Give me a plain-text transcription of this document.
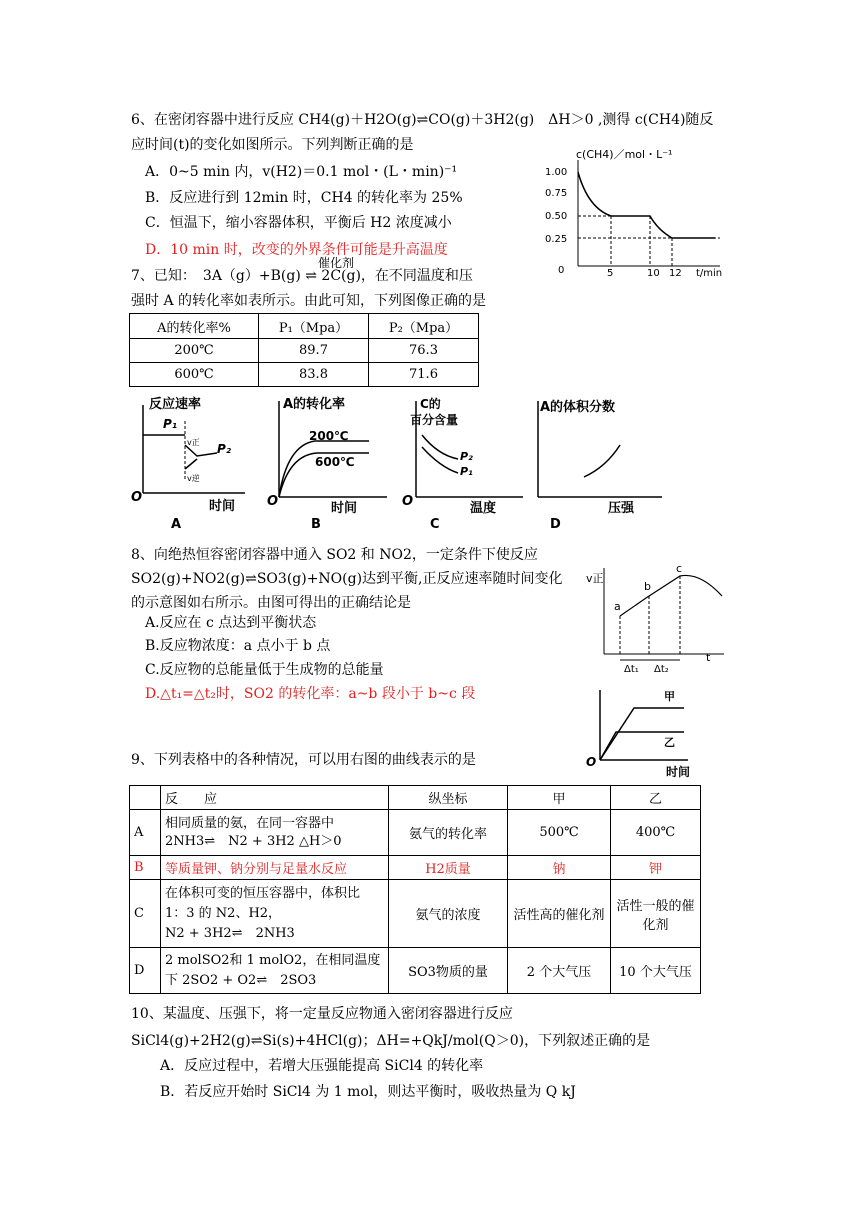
6、在密闭容器中进行反应 CH4(g)＋H2O(g)⇌CO(g)＋3H2(g)　ΔH＞0 ,测得 c(CH4)随反
应时间(t)的变化如图所示。下列判断正确的是
A．0~5 min 内，v(H2)＝0.1 mol・(L・min)⁻¹
B．反应进行到 12min 时，CH4 的转化率为 25%
C．恒温下，缩小容器体积，平衡后 H2 浓度减小
D．10 min 时，改变的外界条件可能是升高温度
c(CH4)／mol・L⁻¹
1.00
0.75
0.50
0.25
0	5	10 12 t/min
7、已知：　3A（g）+B(g) ⇌ 2C(g)，在不同温度和压
催化剂
强时 A 的转化率如表所示。由此可知，下列图像正确的是
A的转化率%	P₁（Mpa）	P₂（Mpa）
200℃	89.7	76.3
600℃	83.8	71.6
反应速率
O
时间
P₁
P₂
v正
v逆
A
A的转化率
O	时间
200℃
600℃
B
C的
百分含量
O	温度
P₂
P₁
C
A的体积分数
压强
D
8、向绝热恒容密闭容器中通入 SO2 和 NO2，一定条件下使反应
SO2(g)+NO2(g)⇌SO3(g)+NO(g)达到平衡,正反应速率随时间变化
的示意图如右所示。由图可得出的正确结论是
A.反应在 c 点达到平衡状态
B.反应物浓度：a 点小于 b 点
C.反应物的总能量低于生成物的总能量
D.△t₁=△t₂时，SO2 的转化率：a~b 段小于 b~c 段
v正
a
b
c
t
Δt₁ Δt₂
O
甲
乙
时间
9、下列表格中的各种情况，可以用右图的曲线表示的是
	反　　应	纵坐标	甲	乙
A	相同质量的氨，在同一容器中
2NH3⇌　N2 + 3H2 △H＞0	氨气的转化率	500℃	400℃
B	等质量钾、钠分别与足量水反应	H2质量	钠	钾
C	在体积可变的恒压容器中，体积比
1：3 的 N2、H2，
N2 + 3H2⇌　2NH3	氨气的浓度	活性高的催化剂	活性一般的催化剂
D	2 molSO2和 1 molO2，在相同温度
下 2SO2 + O2⇌　2SO3	SO3物质的量	2 个大气压	10 个大气压
10、某温度、压强下，将一定量反应物通入密闭容器进行反应
SiCl4(g)+2H2(g)⇌Si(s)+4HCl(g)；ΔH=+QkJ/mol(Q＞0)，下列叙述正确的是
A．反应过程中，若增大压强能提高 SiCl4 的转化率
B．若反应开始时 SiCl4 为 1 mol，则达平衡时，吸收热量为 Q kJ
